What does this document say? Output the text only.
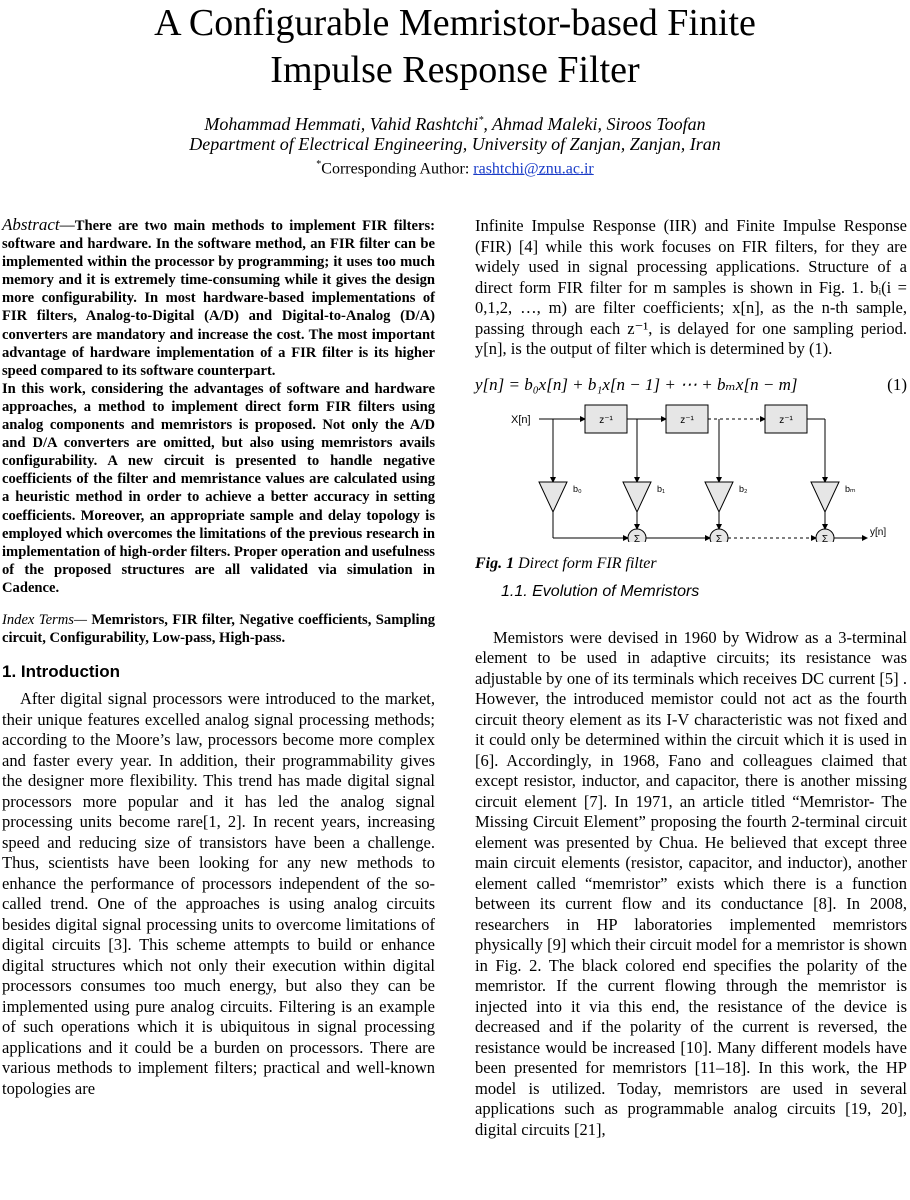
A Configurable Memristor-based Finite
Impulse Response Filter
Mohammad Hemmati, Vahid Rashtchi*, Ahmad Maleki, Siroos Toofan
Department of Electrical Engineering, University of Zanjan, Zanjan, Iran
*Corresponding Author: rashtchi@znu.ac.ir

Abstract—There are two main methods to implement FIR filters: software and hardware. In the software method, an FIR filter can be implemented within the processor by programming; it uses too much memory and it is extremely time-consuming while it gives the design more configurability. In most hardware-based implementations of FIR filters, Analog-to-Digital (A/D) and Digital-to-Analog (D/A) converters are mandatory and increase the cost. The most important advantage of hardware implementation of a FIR filter is its higher speed compared to its software counterpart.

In this work, considering the advantages of software and hardware approaches, a method to implement direct form FIR filters using analog components and memristors is proposed. Not only the A/D and D/A converters are omitted, but also using memristors avails configurability. A new circuit is presented to handle negative coefficients of the filter and memristance values are calculated using a heuristic method in order to achieve a better accuracy in setting coefficients. Moreover, an appropriate sample and delay topology is employed which overcomes the limitations of the previous research in implementation of high-order filters. Proper operation and usefulness of the proposed structures are all validated via simulation in Cadence.

Index Terms— Memristors, FIR filter, Negative coefficients, Sampling circuit, Configurability, Low-pass, High-pass.
1. Introduction

After digital signal processors were introduced to the market, their unique features excelled analog signal processing methods; according to the Moore’s law, processors become more complex and faster every year. In addition, their programmability gives the designer more flexibility. This trend has made digital signal processors more popular and it has led the analog signal processing units become rare[1, 2]. In recent years, increasing speed and reducing size of transistors have been a challenge. Thus, scientists have been looking for any new methods to enhance the performance of processors independent of the so-called trend. One of the approaches is using analog circuits besides digital signal processing units to overcome limitations of digital circuits [3]. This scheme attempts to build or enhance digital structures which not only their execution within digital processors consumes too much energy, but also they can be implemented using pure analog circuits. Filtering is an example of such operations which it is ubiquitous in signal processing applications and it could be a burden on processors. There are various methods to implement filters; practical and well-known topologies are

Infinite Impulse Response (IIR) and Finite Impulse Response (FIR) [4] while this work focuses on FIR filters, for they are widely used in signal processing applications. Structure of a direct form FIR filter for m samples is shown in Fig. 1. bᵢ(i = 0,1,2, …, m) are filter coefficients; x[n], as the n-th sample, passing through each z⁻¹, is delayed for one sampling period. y[n], is the output of filter which is determined by (1).

y[n] = b₀x[n] + b₁x[n − 1] + ⋯ + bₘx[n − m]	(1)
X[n]	z⁻¹	z⁻¹	z⁻¹
b₀	b₁	b₂	bₘ
Σ	Σ	Σ
y[n]
Fig. 1 Direct form FIR filter
1.1. Evolution of Memristors

Memistors were devised in 1960 by Widrow as a 3-terminal element to be used in adaptive circuits; its resistance was adjustable by one of its terminals which receives DC current [5] . However, the introduced memistor could not act as the fourth circuit theory element as its I-V characteristic was not fixed and it could only be determined within the circuit which it is used in [6]. Accordingly, in 1968, Fano and colleagues claimed that except resistor, inductor, and capacitor, there is another missing circuit element [7]. In 1971, an article titled “Memristor- The Missing Circuit Element” proposing the fourth 2-terminal circuit element was presented by Chua. He believed that except three main circuit elements (resistor, capacitor, and inductor), another element called “memristor” exists which there is a function between its current flow and its conductance [8]. In 2008, researchers in HP laboratories implemented memristors physically [9] which their circuit model for a memristor is shown in Fig. 2. The black colored end specifies the polarity of the memristor. If the current flowing through the memristor is injected into it via this end, the resistance of the device is decreased and if the polarity of the current is reversed, the resistance would be increased [10]. Many different models have been presented for memristors [11–18]. In this work, the HP model is utilized. Today, memristors are used in several applications such as programmable analog circuits [19, 20], digital circuits [21],
